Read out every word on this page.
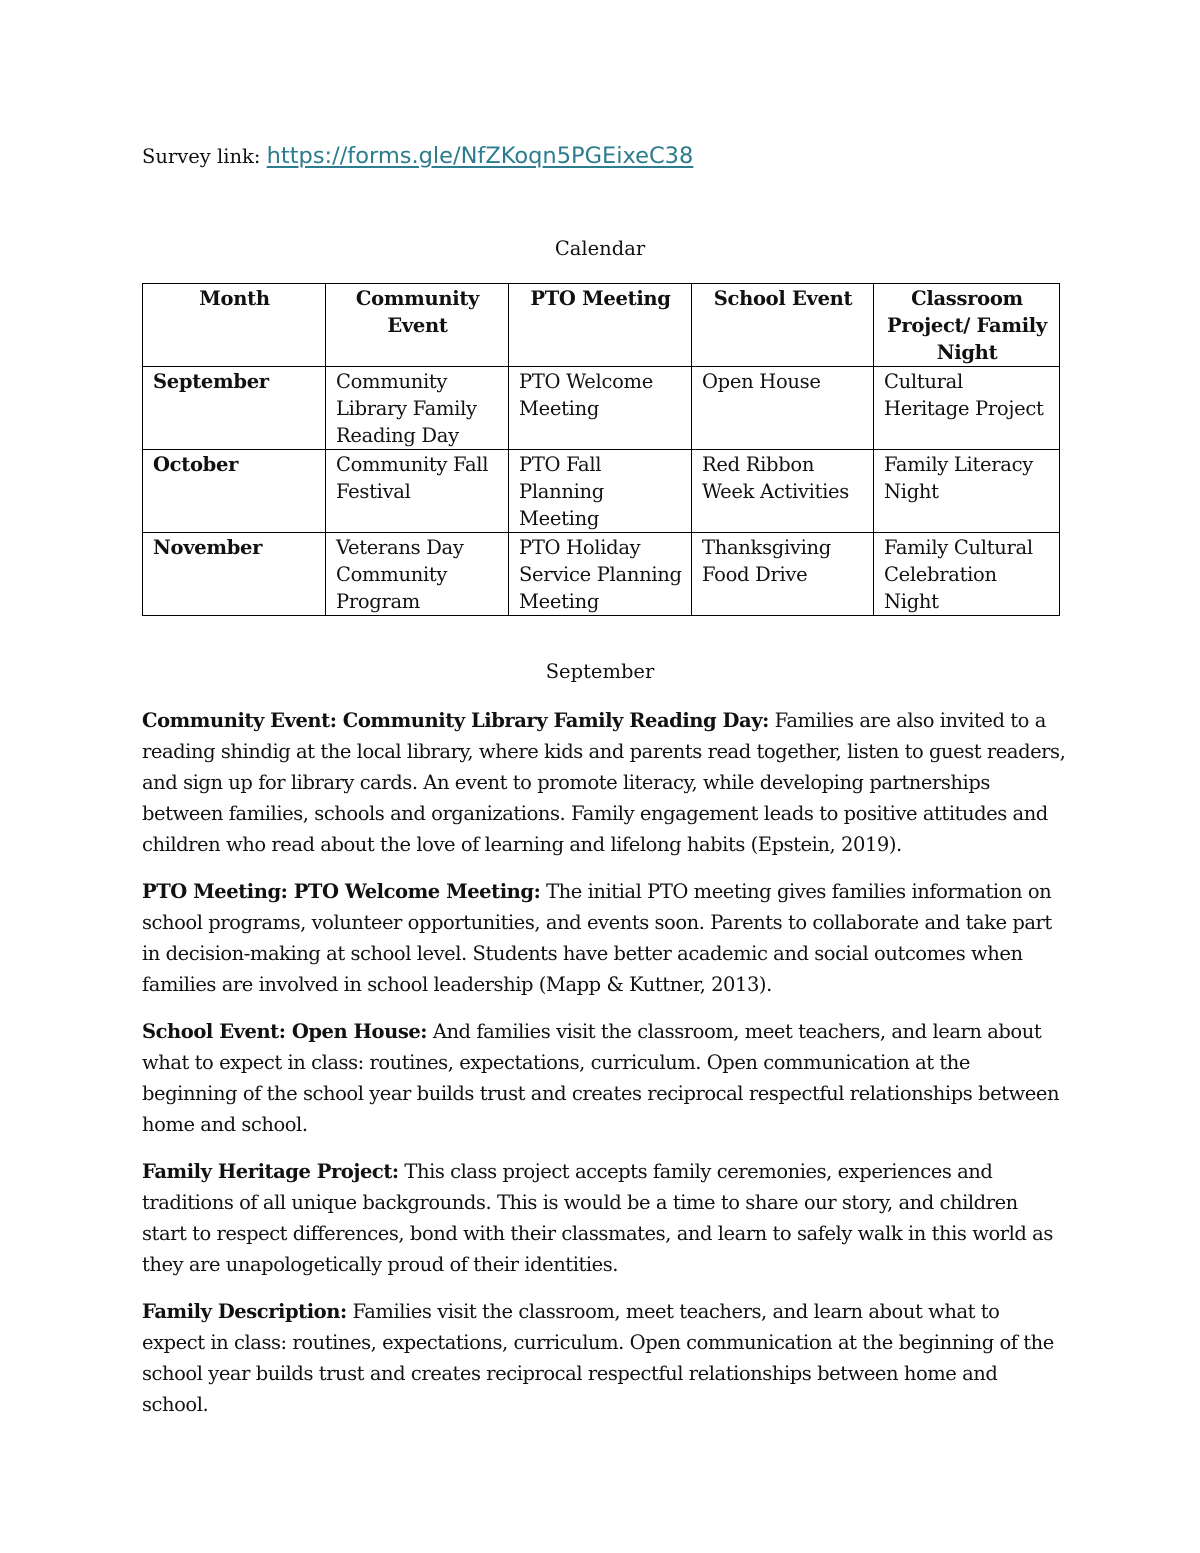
Survey link: https://forms.gle/NfZKoqn5PGEixeC38
Calendar
Month	Community Event	PTO Meeting	School Event	Classroom Project/ Family Night
September	Community Library Family Reading Day	PTO Welcome Meeting	Open House	Cultural Heritage Project
October	Community Fall Festival	PTO Fall Planning Meeting	Red Ribbon Week Activities	Family Literacy Night
November	Veterans Day Community Program	PTO Holiday Service Planning Meeting	Thanksgiving Food Drive	Family Cultural Celebration Night
September

Community Event: Community Library Family Reading Day: Families are also invited to a reading shindig at the local library, where kids and parents read together, listen to guest readers, and sign up for library cards. An event to promote literacy, while developing partnerships between families, schools and organizations. Family engagement leads to positive attitudes and children who read about the love of learning and lifelong habits (Epstein, 2019).

PTO Meeting: PTO Welcome Meeting: The initial PTO meeting gives families information on school programs, volunteer opportunities, and events soon. Parents to collaborate and take part in decision-making at school level. Students have better academic and social outcomes when families are involved in school leadership (Mapp & Kuttner, 2013).

School Event: Open House: And families visit the classroom, meet teachers, and learn about what to expect in class: routines, expectations, curriculum. Open communication at the beginning of the school year builds trust and creates reciprocal respectful relationships between home and school.

Family Heritage Project: This class project accepts family ceremonies, experiences and traditions of all unique backgrounds. This is would be a time to share our story, and children start to respect differences, bond with their classmates, and learn to safely walk in this world as they are unapologetically proud of their identities.

Family Description: Families visit the classroom, meet teachers, and learn about what to expect in class: routines, expectations, curriculum. Open communication at the beginning of the school year builds trust and creates reciprocal respectful relationships between home and school.
